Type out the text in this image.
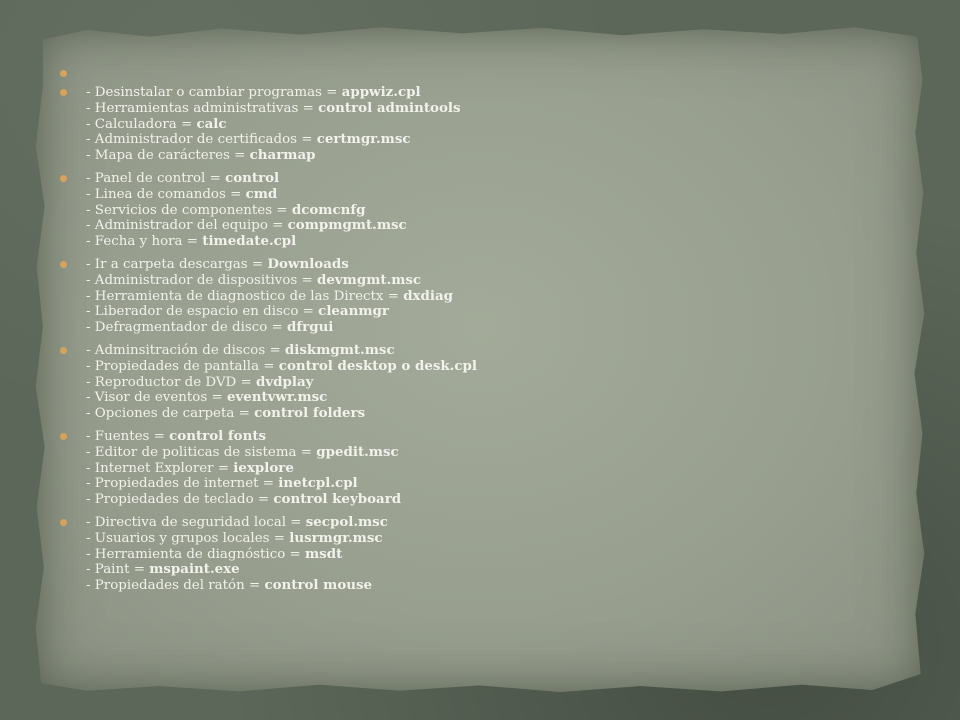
- Desinstalar o cambiar programas = appwiz.cpl
- Herramientas administrativas = control admintools
- Calculadora = calc
- Administrador de certificados = certmgr.msc
- Mapa de carácteres = charmap
- Panel de control = control
- Linea de comandos = cmd
- Servicios de componentes = dcomcnfg
- Administrador del equipo = compmgmt.msc
- Fecha y hora = timedate.cpl
- Ir a carpeta descargas = Downloads
- Administrador de dispositivos = devmgmt.msc
- Herramienta de diagnostico de las Directx = dxdiag
- Liberador de espacio en disco = cleanmgr
- Defragmentador de disco = dfrgui
- Adminsitración de discos = diskmgmt.msc
- Propiedades de pantalla = control desktop o desk.cpl
- Reproductor de DVD = dvdplay
- Visor de eventos = eventvwr.msc
- Opciones de carpeta = control folders
- Fuentes = control fonts
- Editor de politicas de sistema = gpedit.msc
- Internet Explorer = iexplore
- Propiedades de internet = inetcpl.cpl
- Propiedades de teclado = control keyboard
- Directiva de seguridad local = secpol.msc
- Usuarios y grupos locales = lusrmgr.msc
- Herramienta de diagnóstico = msdt
- Paint = mspaint.exe
- Propiedades del ratón = control mouse
